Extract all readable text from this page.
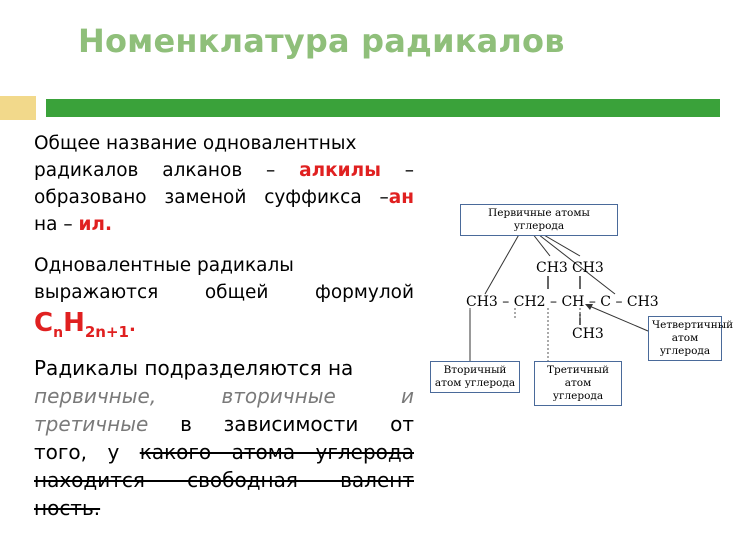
Номенклатура радикалов
Общее название одновалентных

радикалов алканов – алкилы –
образовано заменой суффикса –ан
на – ил.
Одновалентные радикалы

выражаются общей формулой
$C_nH_{2n+1}$.
Радикалы подразделяются на

первичные,	вторичные	и
третичные в зависимости от
того, у какого атома углерода
находится свободная валент
ность.
Первичные атомы углерода
CH3 CH3
CH3 – CH2 – CH – C – CH3
CH3
Четвертичный атом углерода
Вторичный атом углерода
Третичный атом углерода
